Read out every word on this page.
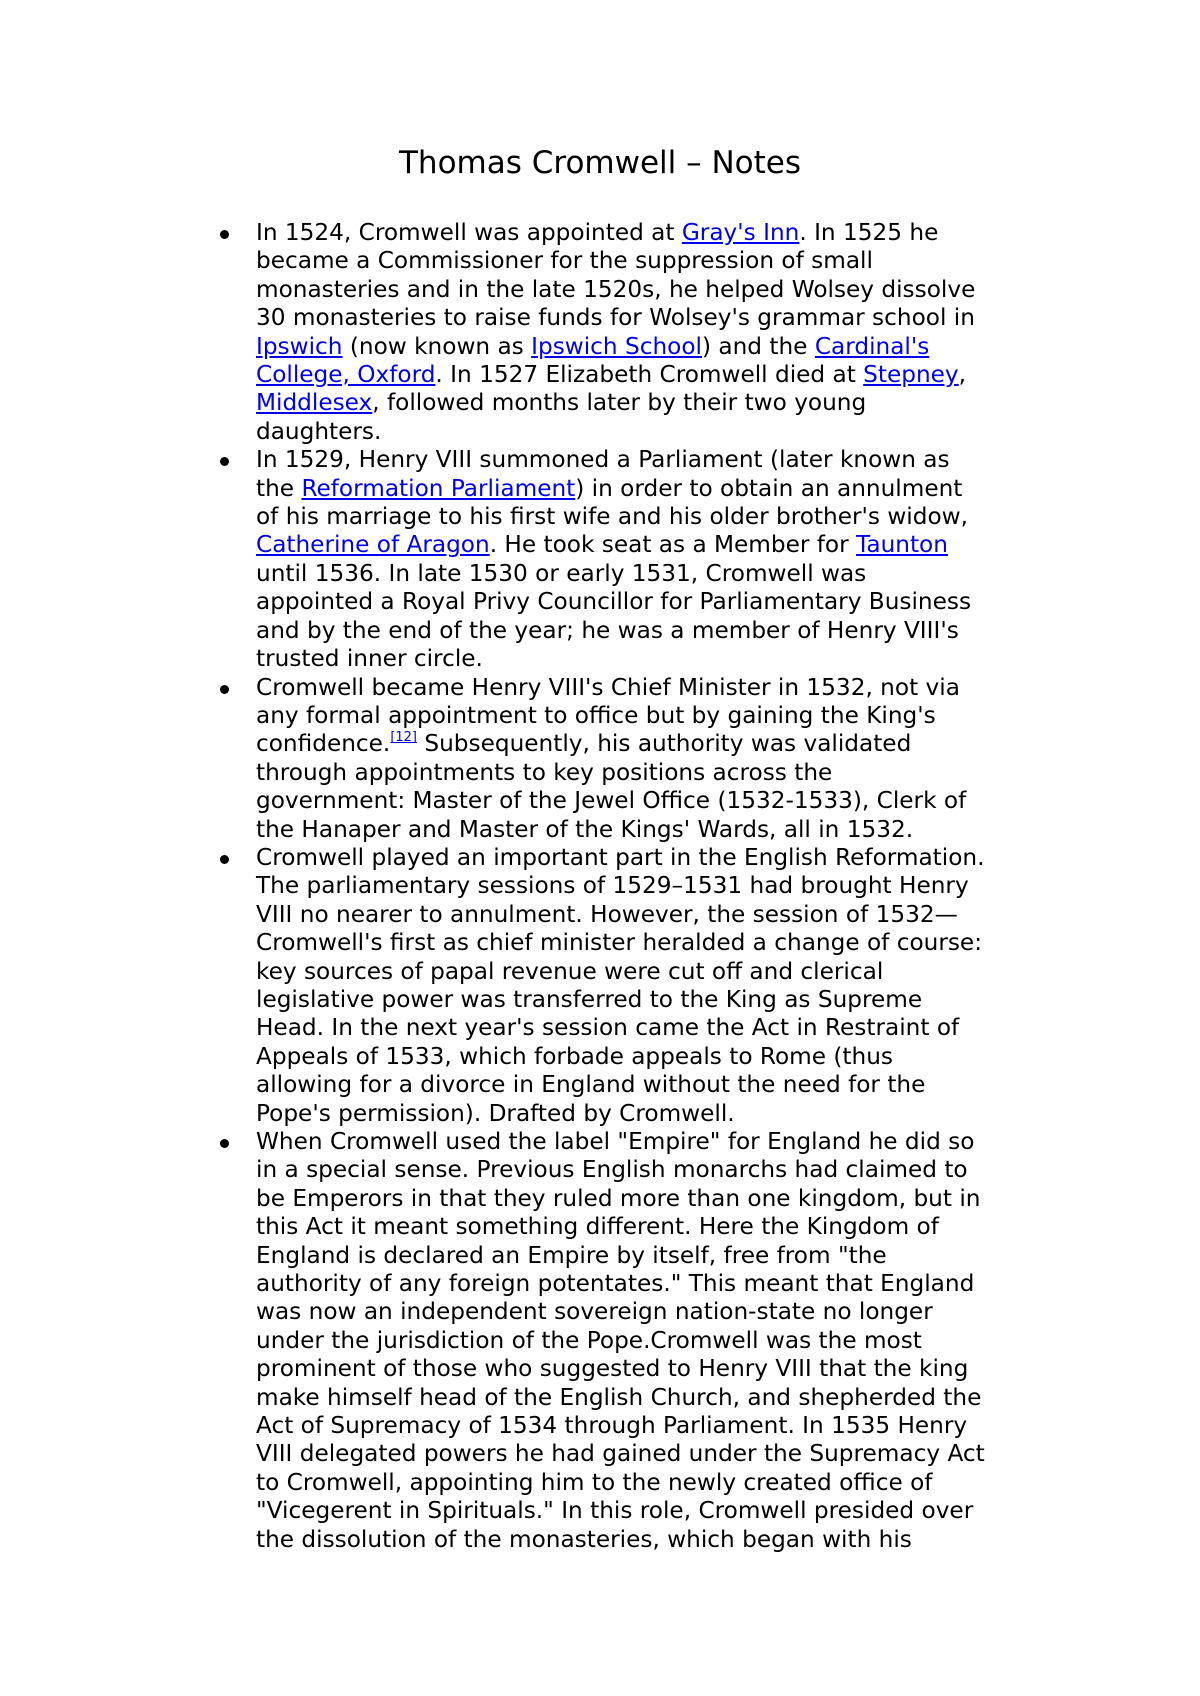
Thomas Cromwell – Notes
In 1524, Cromwell was appointed at Gray's Inn. In 1525 he
became a Commissioner for the suppression of small
monasteries and in the late 1520s, he helped Wolsey dissolve
30 monasteries to raise funds for Wolsey's grammar school in
Ipswich (now known as Ipswich School) and the Cardinal's
College, Oxford. In 1527 Elizabeth Cromwell died at Stepney,
Middlesex, followed months later by their two young
daughters.
In 1529, Henry VIII summoned a Parliament (later known as
the Reformation Parliament) in order to obtain an annulment
of his marriage to his first wife and his older brother's widow,
Catherine of Aragon. He took seat as a Member for Taunton
until 1536. In late 1530 or early 1531, Cromwell was
appointed a Royal Privy Councillor for Parliamentary Business
and by the end of the year; he was a member of Henry VIII's
trusted inner circle.
Cromwell became Henry VIII's Chief Minister in 1532, not via
any formal appointment to office but by gaining the King's
confidence.[12] Subsequently, his authority was validated
through appointments to key positions across the
government: Master of the Jewel Office (1532-1533), Clerk of
the Hanaper and Master of the Kings' Wards, all in 1532.
Cromwell played an important part in the English Reformation.
The parliamentary sessions of 1529–1531 had brought Henry
VIII no nearer to annulment. However, the session of 1532—
Cromwell's first as chief minister heralded a change of course:
key sources of papal revenue were cut off and clerical
legislative power was transferred to the King as Supreme
Head. In the next year's session came the Act in Restraint of
Appeals of 1533, which forbade appeals to Rome (thus
allowing for a divorce in England without the need for the
Pope's permission). Drafted by Cromwell.
When Cromwell used the label "Empire" for England he did so
in a special sense. Previous English monarchs had claimed to
be Emperors in that they ruled more than one kingdom, but in
this Act it meant something different. Here the Kingdom of
England is declared an Empire by itself, free from "the
authority of any foreign potentates." This meant that England
was now an independent sovereign nation-state no longer
under the jurisdiction of the Pope.Cromwell was the most
prominent of those who suggested to Henry VIII that the king
make himself head of the English Church, and shepherded the
Act of Supremacy of 1534 through Parliament. In 1535 Henry
VIII delegated powers he had gained under the Supremacy Act
to Cromwell, appointing him to the newly created office of
"Vicegerent in Spirituals." In this role, Cromwell presided over
the dissolution of the monasteries, which began with his
